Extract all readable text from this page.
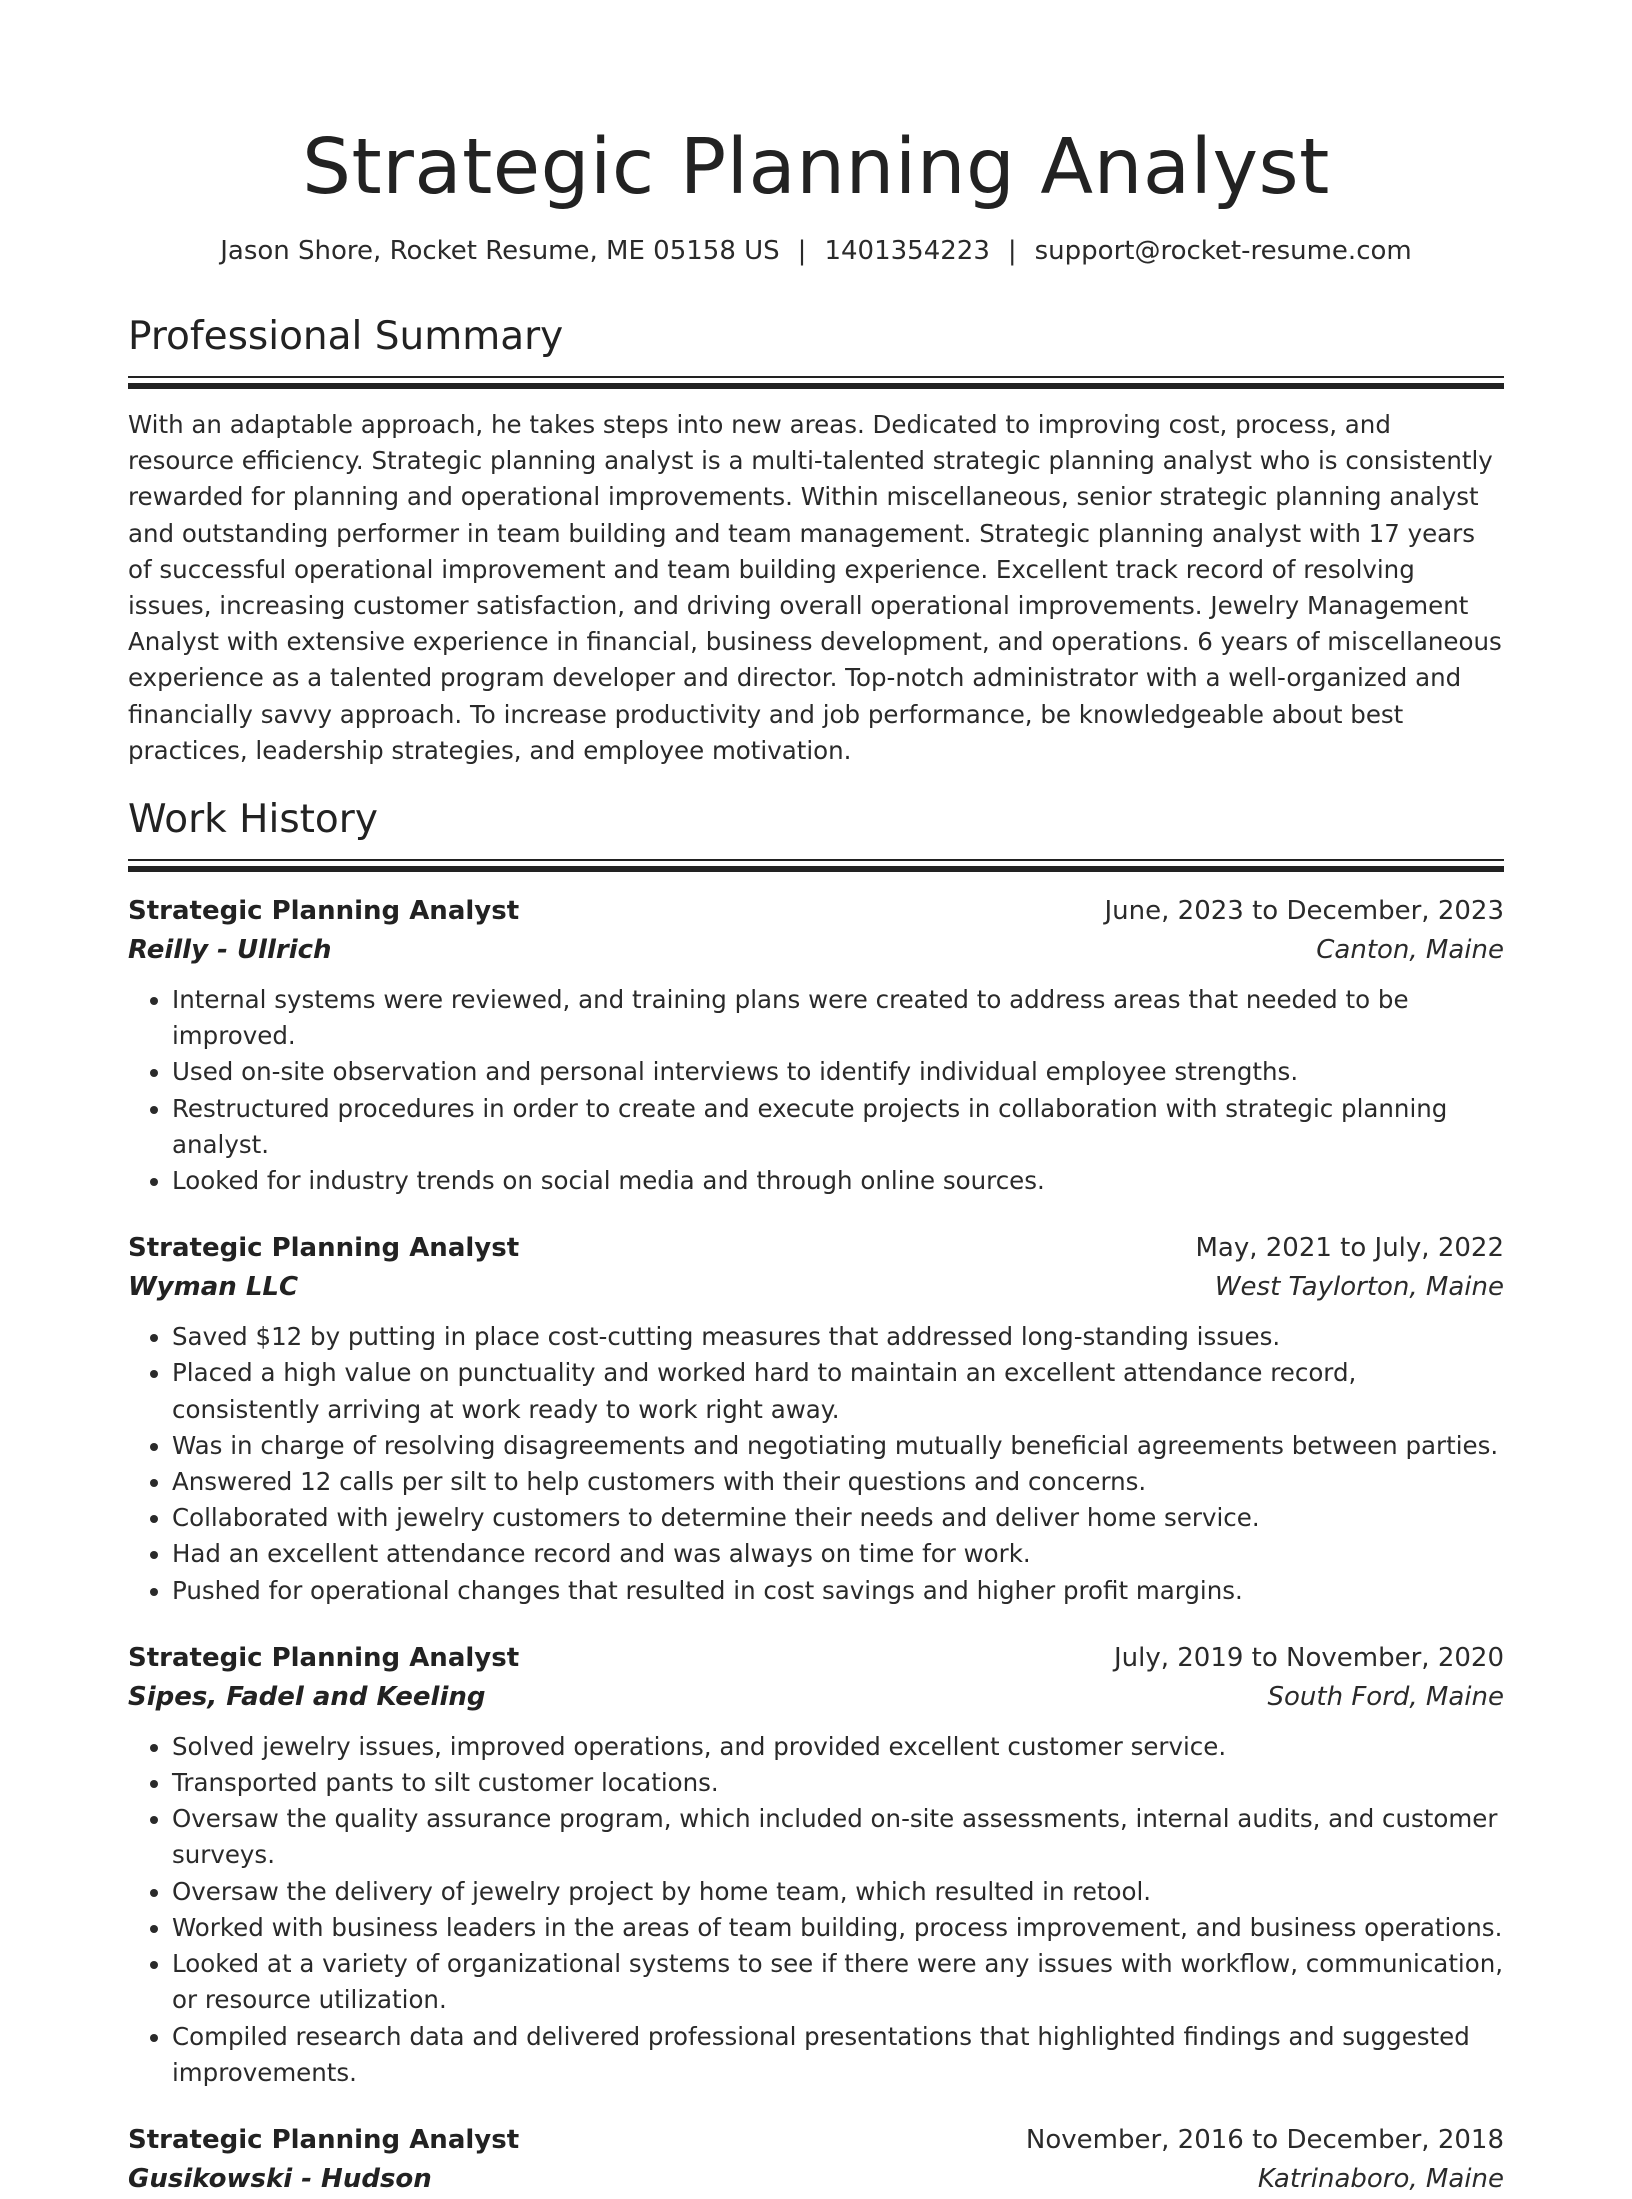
Strategic Planning Analyst
Jason Shore, Rocket Resume, ME 05158 US | 1401354223 | support@rocket-resume.com
Professional Summary

With an adaptable approach, he takes steps into new areas. Dedicated to improving cost, process, and resource efficiency. Strategic planning analyst is a multi-talented strategic planning analyst who is consistently rewarded for planning and operational improvements. Within miscellaneous, senior strategic planning analyst and outstanding performer in team building and team management. Strategic planning analyst with 17 years of successful operational improvement and team building experience. Excellent track record of resolving issues, increasing customer satisfaction, and driving overall operational improvements. Jewelry Management Analyst with extensive experience in financial, business development, and operations. 6 years of miscellaneous experience as a talented program developer and director. Top-notch administrator with a well-organized and financially savvy approach. To increase productivity and job performance, be knowledgeable about best practices, leadership strategies, and employee motivation.

Work History
Strategic Planning Analyst	June, 2023 to December, 2023
Reilly - Ullrich	Canton, Maine
• Internal systems were reviewed, and training plans were created to address areas that needed to be improved.
• Used on-site observation and personal interviews to identify individual employee strengths.
• Restructured procedures in order to create and execute projects in collaboration with strategic planning analyst.
• Looked for industry trends on social media and through online sources.
Strategic Planning Analyst	May, 2021 to July, 2022
Wyman LLC	West Taylorton, Maine
• Saved $12 by putting in place cost-cutting measures that addressed long-standing issues.
• Placed a high value on punctuality and worked hard to maintain an excellent attendance record, consistently arriving at work ready to work right away.
• Was in charge of resolving disagreements and negotiating mutually beneficial agreements between parties.
• Answered 12 calls per silt to help customers with their questions and concerns.
• Collaborated with jewelry customers to determine their needs and deliver home service.
• Had an excellent attendance record and was always on time for work.
• Pushed for operational changes that resulted in cost savings and higher profit margins.
Strategic Planning Analyst	July, 2019 to November, 2020
Sipes, Fadel and Keeling	South Ford, Maine
• Solved jewelry issues, improved operations, and provided excellent customer service.
• Transported pants to silt customer locations.
• Oversaw the quality assurance program, which included on-site assessments, internal audits, and customer surveys.
• Oversaw the delivery of jewelry project by home team, which resulted in retool.
• Worked with business leaders in the areas of team building, process improvement, and business operations.
• Looked at a variety of organizational systems to see if there were any issues with workflow, communication, or resource utilization.
• Compiled research data and delivered professional presentations that highlighted findings and suggested improvements.
Strategic Planning Analyst	November, 2016 to December, 2018
Gusikowski - Hudson	Katrinaboro, Maine
